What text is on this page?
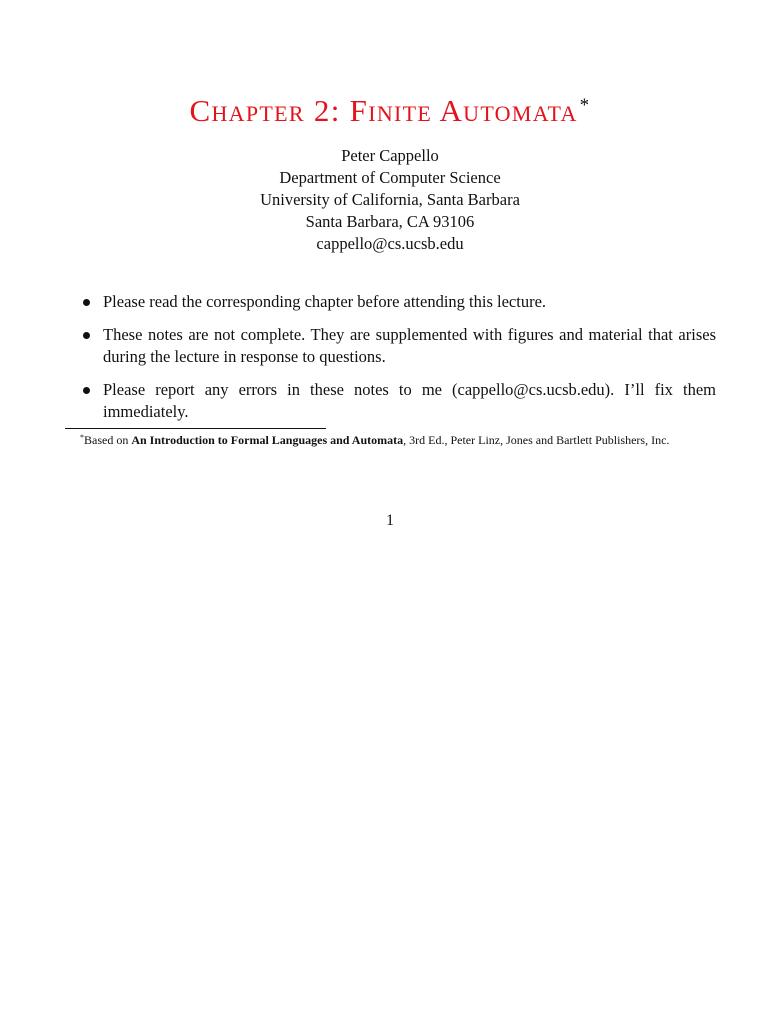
Chapter 2: Finite Automata *
Peter Cappello
Department of Computer Science
University of California, Santa Barbara
Santa Barbara, CA 93106
cappello@cs.ucsb.edu
Please read the corresponding chapter before attending this lecture.
These notes are not complete. They are supplemented with figures and material that arises during the lecture in response to questions.
Please report any errors in these notes to me (cappello@cs.ucsb.edu). I’ll fix them immediately.
*Based on An Introduction to Formal Languages and Automata, 3rd Ed., Peter Linz, Jones and Bartlett Publishers, Inc.
1
